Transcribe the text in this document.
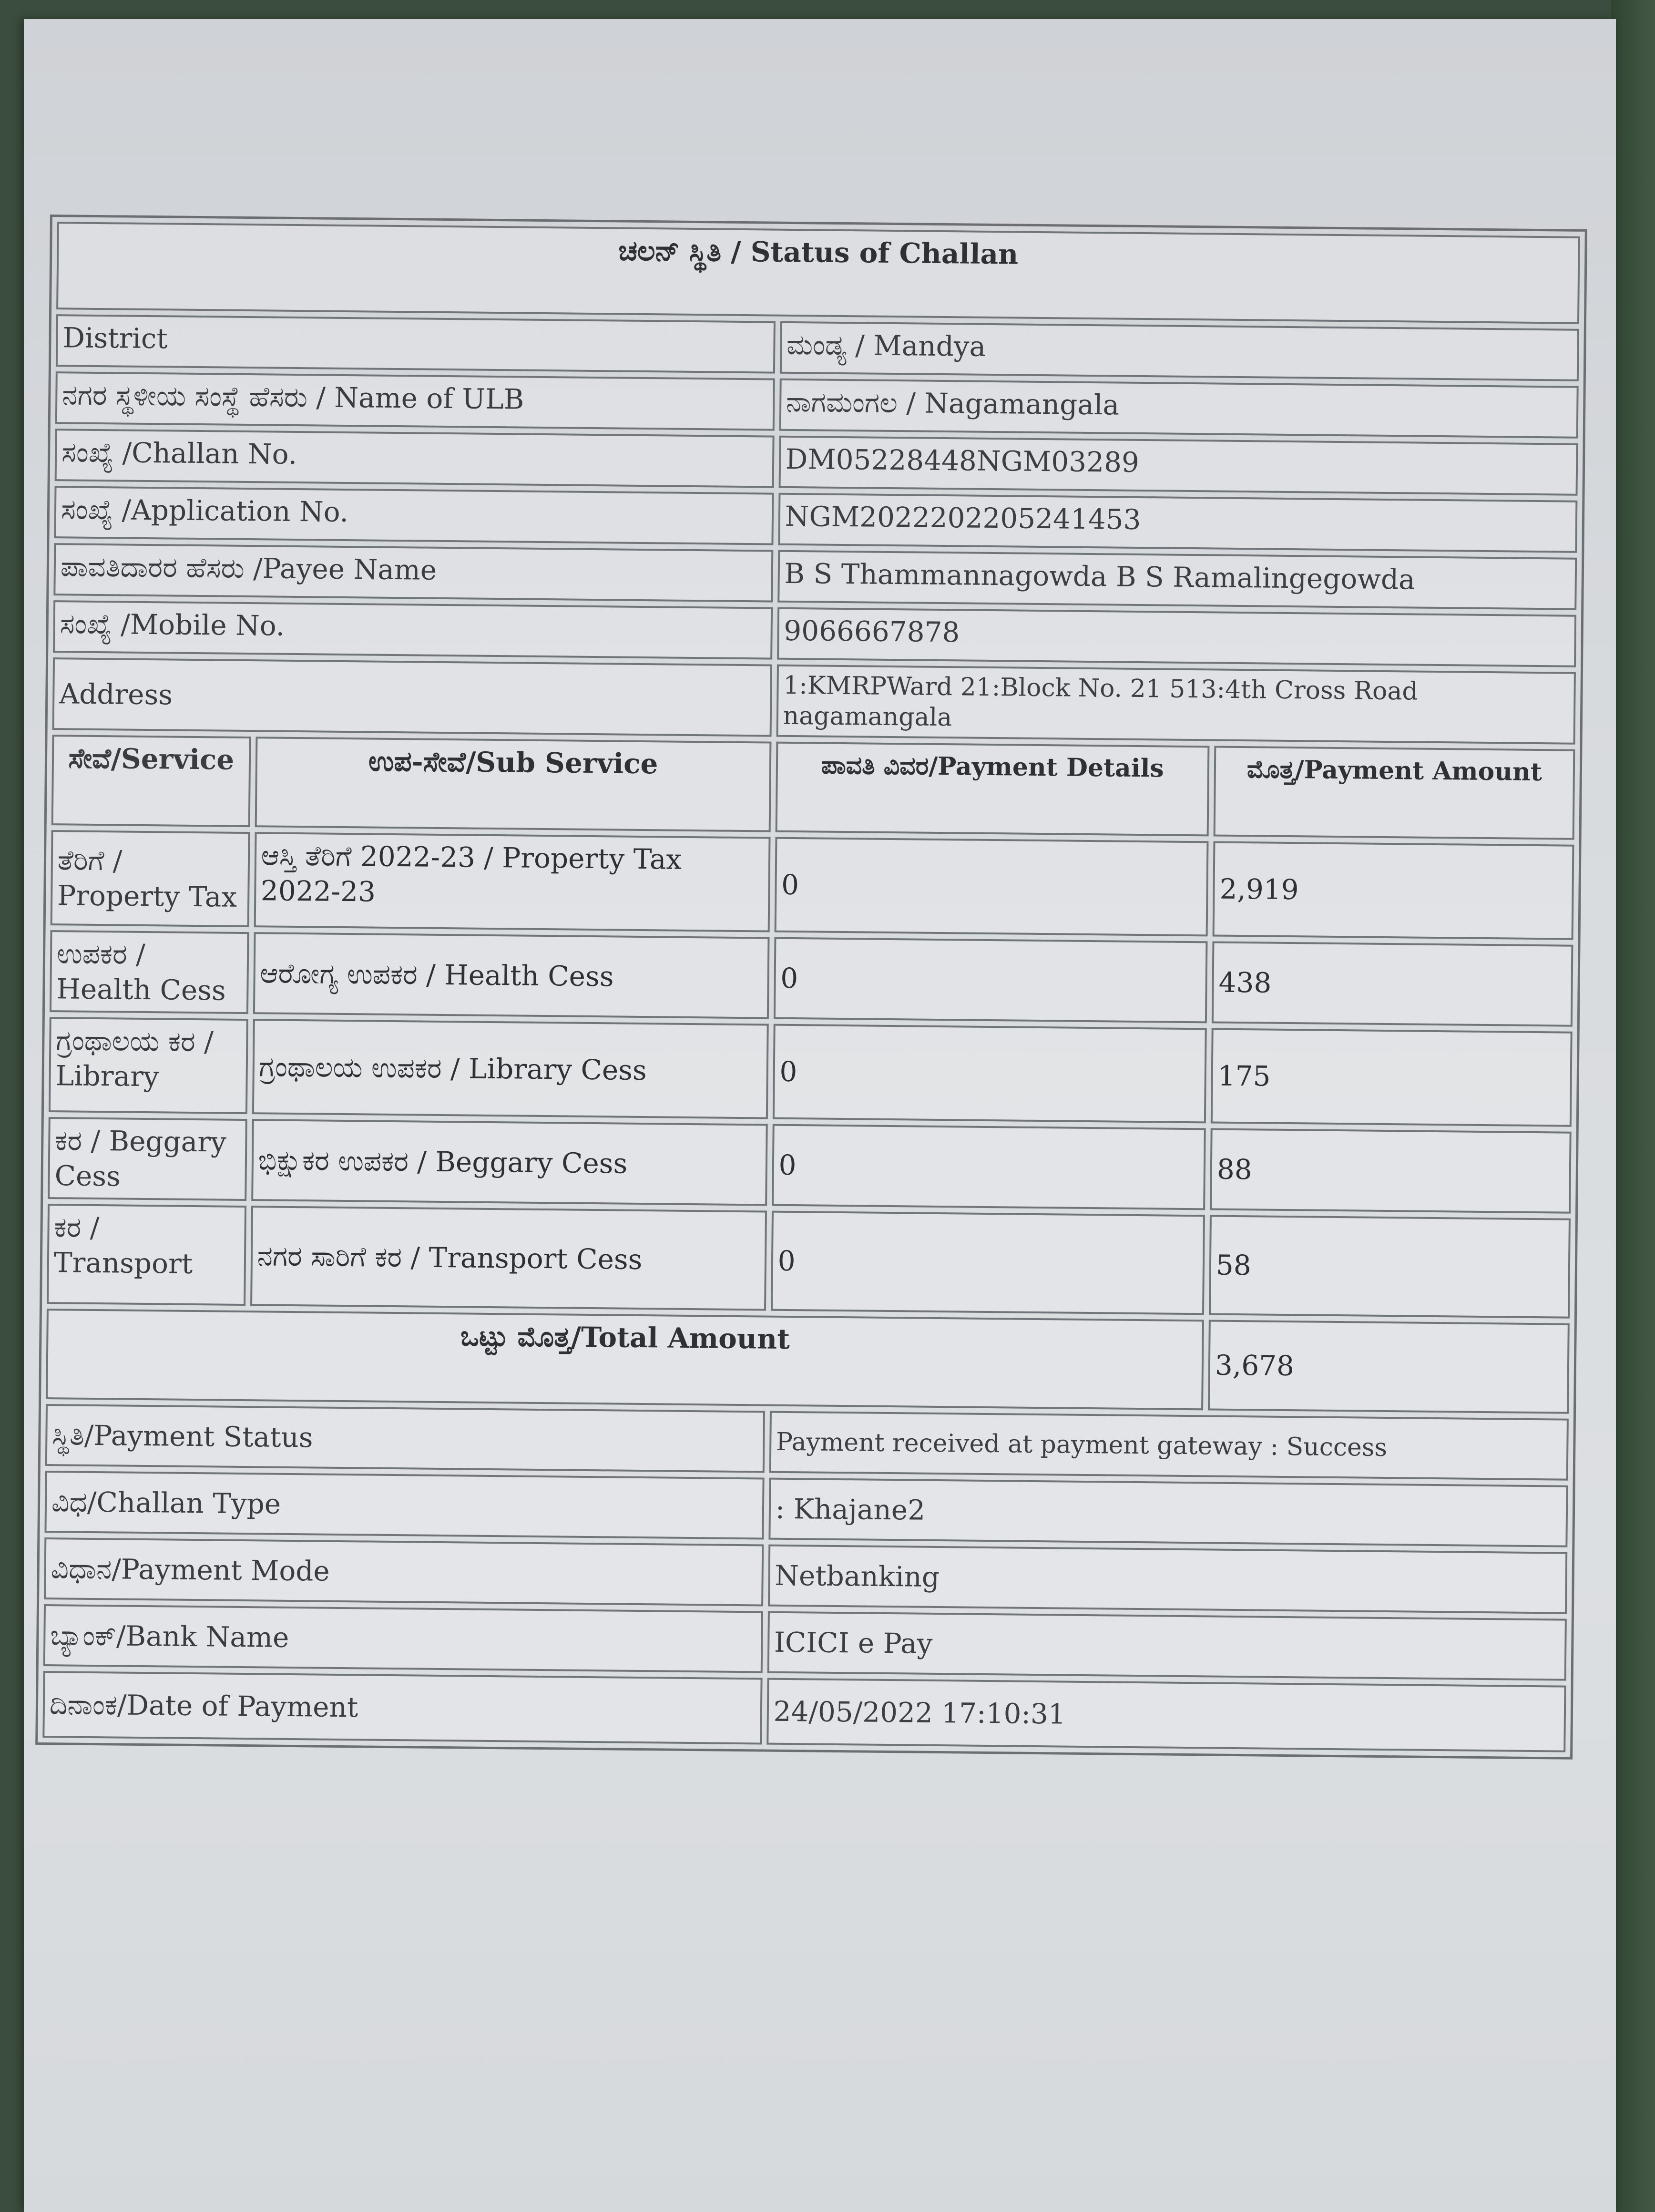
ಚಲನ್ ಸ್ಥಿತಿ / Status of Challan			
District		ಮಂಡ್ಯ / Mandya	
ನಗರ ಸ್ಥಳೀಯ ಸಂಸ್ಥೆ ಹೆಸರು / Name of ULB		ನಾಗಮಂಗಲ / Nagamangala	
ಸಂಖ್ಯೆ /Challan No.		DM05228448NGM03289	
ಸಂಖ್ಯೆ /Application No.		NGM2022202205241453	
ಪಾವತಿದಾರರ ಹೆಸರು /Payee Name		B S Thammannagowda B S Ramalingegowda	
ಸಂಖ್ಯೆ /Mobile No.		9066667878	
Address		1:KMRPWard 21:Block No. 21 513:4th Cross Road nagamangala	
ಸೇವೆ/Service	ಉಪ-ಸೇವೆ/Sub Service	ಪಾವತಿ ವಿವರ/Payment Details	ಮೊತ್ತ/Payment Amount
ತೆರಿಗೆ / Property Tax	ಆಸ್ತಿ ತೆರಿಗೆ 2022-23 / Property Tax 2022-23	0	2,919
ಉಪಕರ / Health Cess	ಆರೋಗ್ಯ ಉಪಕರ / Health Cess	0	438
ಗ್ರಂಥಾಲಯ ಕರ / Library	ಗ್ರಂಥಾಲಯ ಉಪಕರ / Library Cess	0	175
ಕರ / Beggary Cess	ಭಿಕ್ಷುಕರ ಉಪಕರ / Beggary Cess	0	88
ಕರ / Transport	ನಗರ ಸಾರಿಗೆ ಕರ / Transport Cess	0	58
ಒಟ್ಟು ಮೊತ್ತ/Total Amount			3,678
ಸ್ಥಿತಿ/Payment Status		Payment received at payment gateway : Success	
ವಿಧ/Challan Type		: Khajane2	
ವಿಧಾನ/Payment Mode		Netbanking	
ಬ್ಯಾಂಕ್/Bank Name		ICICI e Pay	
ದಿನಾಂಕ/Date of Payment		24/05/2022 17:10:31	
